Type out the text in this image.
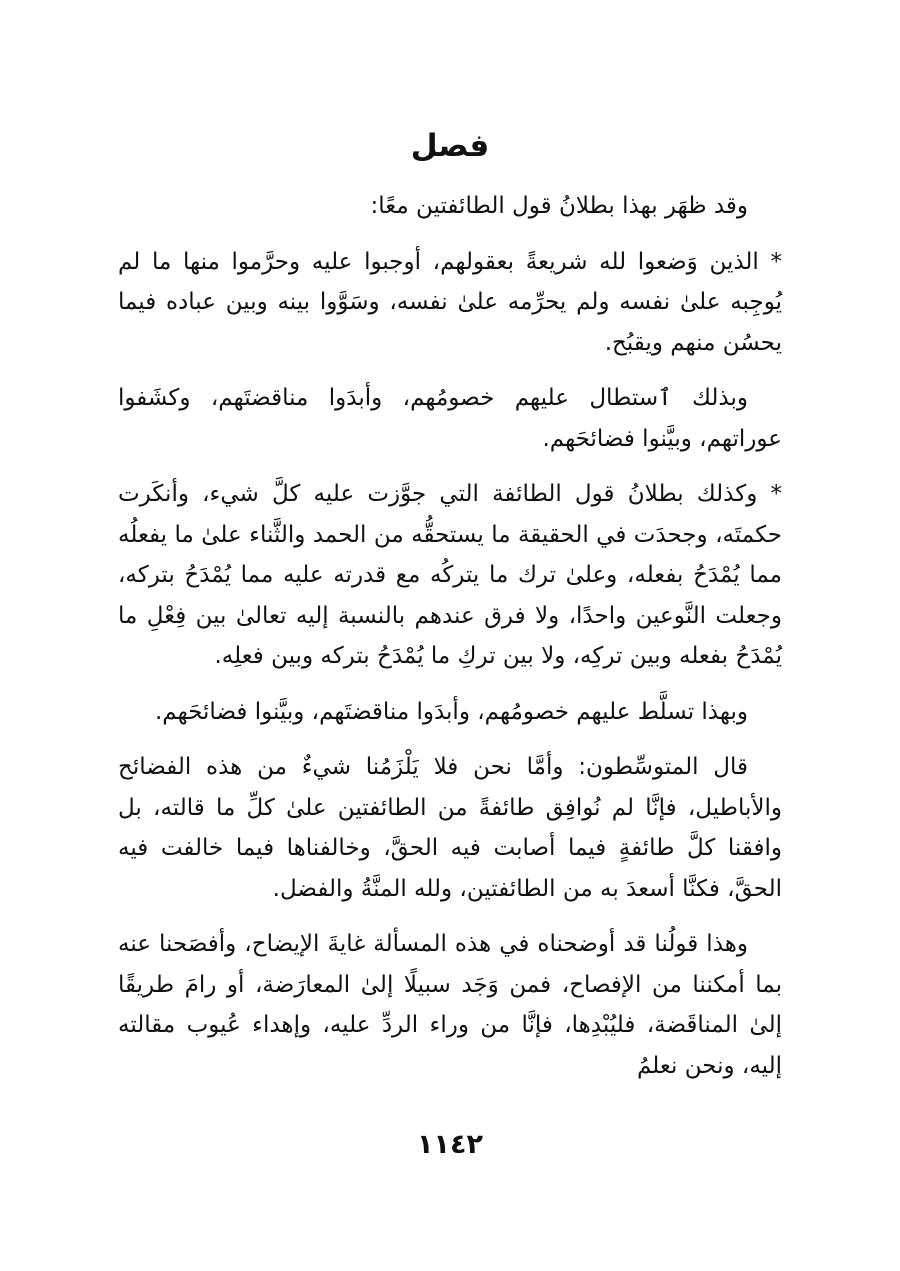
فصل

وقد ظهَر بهذا بطلانُ قول الطائفتين معًا:

* الذين وَضعوا لله شريعةً بعقولهم، أوجبوا عليه وحرَّموا منها ما لم يُوجِبه علىٰ نفسه ولم يحرِّمه علىٰ نفسه، وسَوَّوا بينه وبين عباده فيما يحسُن منهم ويقبُح.

وبذلك ٱستطال عليهم خصومُهم، وأبدَوا مناقضتَهم، وكشَفوا عوراتهم، وبيَّنوا فضائحَهم.

* وكذلك بطلانُ قول الطائفة التي جوَّزت عليه كلَّ شيء، وأنكَرت حكمتَه، وجحدَت في الحقيقة ما يستحقُّه من الحمد والثَّناء علىٰ ما يفعلُه مما يُمْدَحُ بفعله، وعلىٰ ترك ما يتركُه مع قدرته عليه مما يُمْدَحُ بتركه، وجعلت النَّوعين واحدًا، ولا فرق عندهم بالنسبة إليه تعالىٰ بين فِعْلِ ما يُمْدَحُ بفعله وبين تركِه، ولا بين تركِ ما يُمْدَحُ بتركه وبين فعلِه.

وبهذا تسلَّط عليهم خصومُهم، وأبدَوا مناقضتَهم، وبيَّنوا فضائحَهم.

قال المتوسِّطون: وأمَّا نحن فلا يَلْزَمُنا شيءٌ من هذه الفضائح والأباطيل، فإنَّا لم نُوافِق طائفةً من الطائفتين علىٰ كلِّ ما قالته، بل وافقنا كلَّ طائفةٍ فيما أصابت فيه الحقَّ، وخالفناها فيما خالفت فيه الحقَّ، فكنَّا أسعدَ به من الطائفتين، ولله المنَّةُ والفضل.

وهذا قولُنا قد أوضحناه في هذه المسألة غايةَ الإيضاح، وأفصَحنا عنه بما أمكننا من الإفصاح، فمن وَجَد سبيلًا إلىٰ المعارَضة، أو رامَ طريقًا إلىٰ المناقَضة، فليُبْدِها، فإنَّا من وراء الردِّ عليه، وإهداء عُيوب مقالته إليه، ونحن نعلمُ

١١٤٢
